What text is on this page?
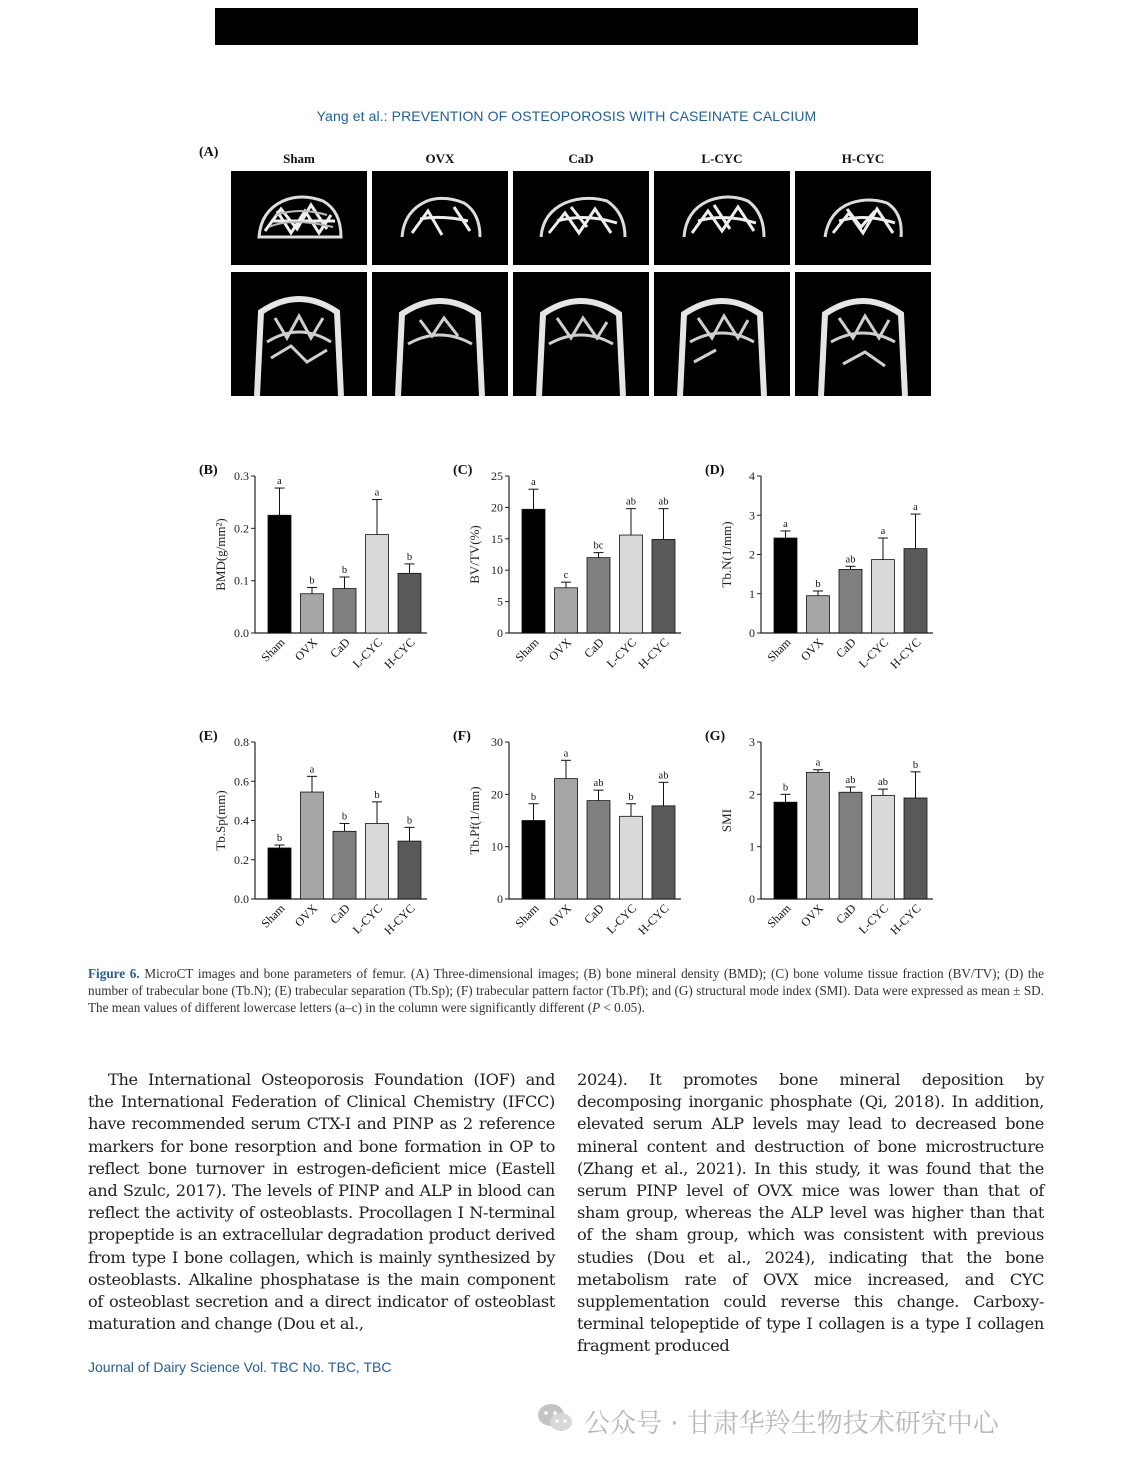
Yang et al.: PREVENTION OF OSTEOPOROSIS WITH CASEINATE CALCIUM
(A)	Sham	OVX	CaD	L-CYC	H-CYC
(B)
0.0
0.1
0.2
0.3
BMD(g/mm²)
a
Sham
b
OVX
b
CaD
a
L-CYC
b
H-CYC
(C)
0
5
10
15
20
25
BV/TV(%)
a
Sham
c
OVX
bc
CaD
ab
L-CYC
ab
H-CYC
(D)
0
1
2
3
4
Tb.N(1/mm)	a
Sham
b
OVX
ab
CaD
a
L-CYC
a
H-CYC
(E)
0.0
0.2
0.4
0.6
0.8
Tb.Sp(mm)	b
Sham
a
OVX
b
CaD
b
L-CYC
b
H-CYC
(F)
0
10
20
30
Tb.Pf(1/mm)	b
Sham
a
OVX
ab
CaD
b
L-CYC
ab
H-CYC
(G)
0
1
2
3
SMI
b
Sham
a
OVX
ab
CaD
ab
L-CYC
b
H-CYC
Figure 6. MicroCT images and bone parameters of femur. (A) Three-dimensional images; (B) bone mineral density (BMD); (C) bone volume tissue fraction (BV/TV); (D) the number of trabecular bone (Tb.N); (E) trabecular separation (Tb.Sp); (F) trabecular pattern factor (Tb.Pf); and (G) structural mode index (SMI). Data were expressed as mean ± SD. The mean values of different lowercase letters (a–c) in the column were significantly different (P < 0.05).
The International Osteoporosis Foundation (IOF) and the International Federation of Clinical Chemistry (IFCC) have recommended serum CTX-I and PINP as 2 reference markers for bone resorption and bone formation in OP to reflect bone turnover in estrogen-deficient mice (Eastell and Szulc, 2017). The levels of PINP and ALP in blood can reflect the activity of osteoblasts. Procollagen I N-terminal propeptide is an extracellular degradation product derived from type I bone collagen, which is mainly synthesized by osteoblasts. Alkaline phosphatase is the main component of osteoblast secretion and a direct indicator of osteoblast maturation and change (Dou et al.,
2024). It promotes bone mineral deposition by decomposing inorganic phosphate (Qi, 2018). In addition, elevated serum ALP levels may lead to decreased bone mineral content and destruction of bone microstructure (Zhang et al., 2021). In this study, it was found that the serum PINP level of OVX mice was lower than that of sham group, whereas the ALP level was higher than that of the sham group, which was consistent with previous studies (Dou et al., 2024), indicating that the bone metabolism rate of OVX mice increased, and CYC supplementation could reverse this change. Carboxy-terminal telopeptide of type I collagen is a type I collagen fragment produced
Journal of Dairy Science Vol. TBC No. TBC, TBC
公众号 · 甘肃华羚生物技术研究中心
